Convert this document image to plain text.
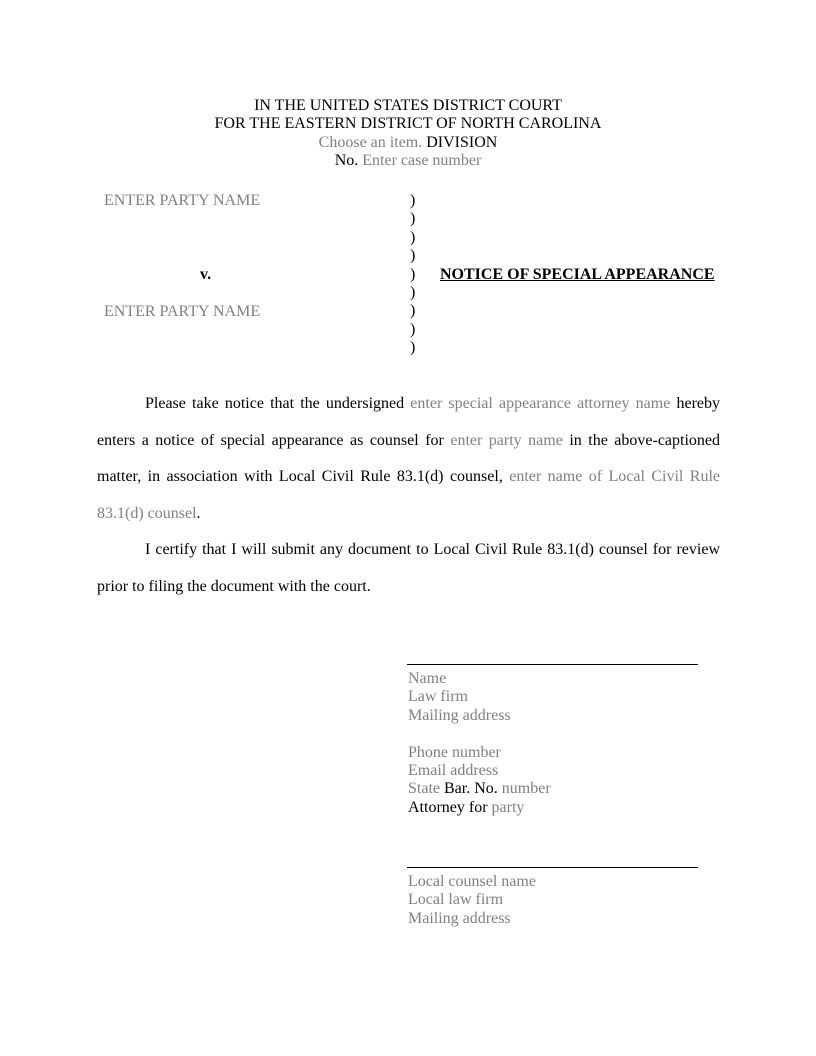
IN THE UNITED STATES DISTRICT COURT
FOR THE EASTERN DISTRICT OF NORTH CAROLINA
Choose an item. DIVISION
No. Enter case number
ENTER PARTY NAME
v.
ENTER PARTY NAME
)
)
)
)
)
)
)
)
)
NOTICE OF SPECIAL APPEARANCE
Please take notice that the undersigned enter special appearance attorney name hereby enters a notice of special appearance as counsel for enter party name in the above-captioned matter, in association with Local Civil Rule 83.1(d) counsel, enter name of Local Civil Rule 83.1(d) counsel.
I certify that I will submit any document to Local Civil Rule 83.1(d) counsel for review prior to filing the document with the court.
Name
Law firm
Mailing address
Phone number
Email address
State Bar. No. number
Attorney for party
Local counsel name
Local law firm
Mailing address
